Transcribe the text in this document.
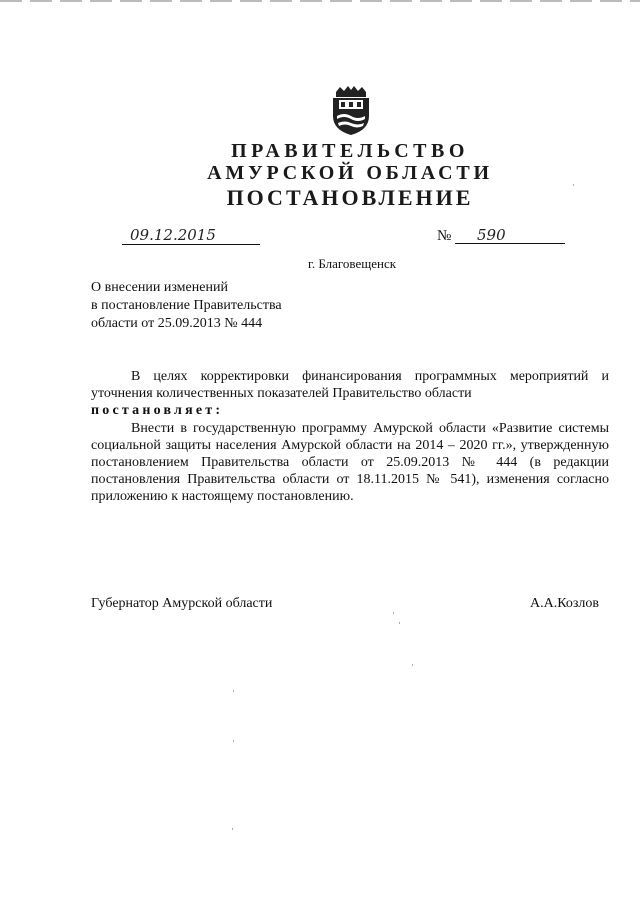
ПРАВИТЕЛЬСТВО
АМУРСКОЙ ОБЛАСТИ
ПОСТАНОВЛЕНИЕ
09.12.2015	№	590
г. Благовещенск
О внесении изменений
в постановление Правительства
области от 25.09.2013 № 444
В целях корректировки финансирования программных мероприятий и уточнения количественных показателей Правительство области
постановляет:
Внести в государственную программу Амурской области «Развитие системы социальной защиты населения Амурской области на 2014 – 2020 гг.», утвержденную постановлением Правительства области от 25.09.2013 № 444 (в редакции постановления Правительства области от 18.11.2015 № 541), изменения согласно приложению к настоящему постановлению.
Губернатор Амурской области	А.А.Козлов
